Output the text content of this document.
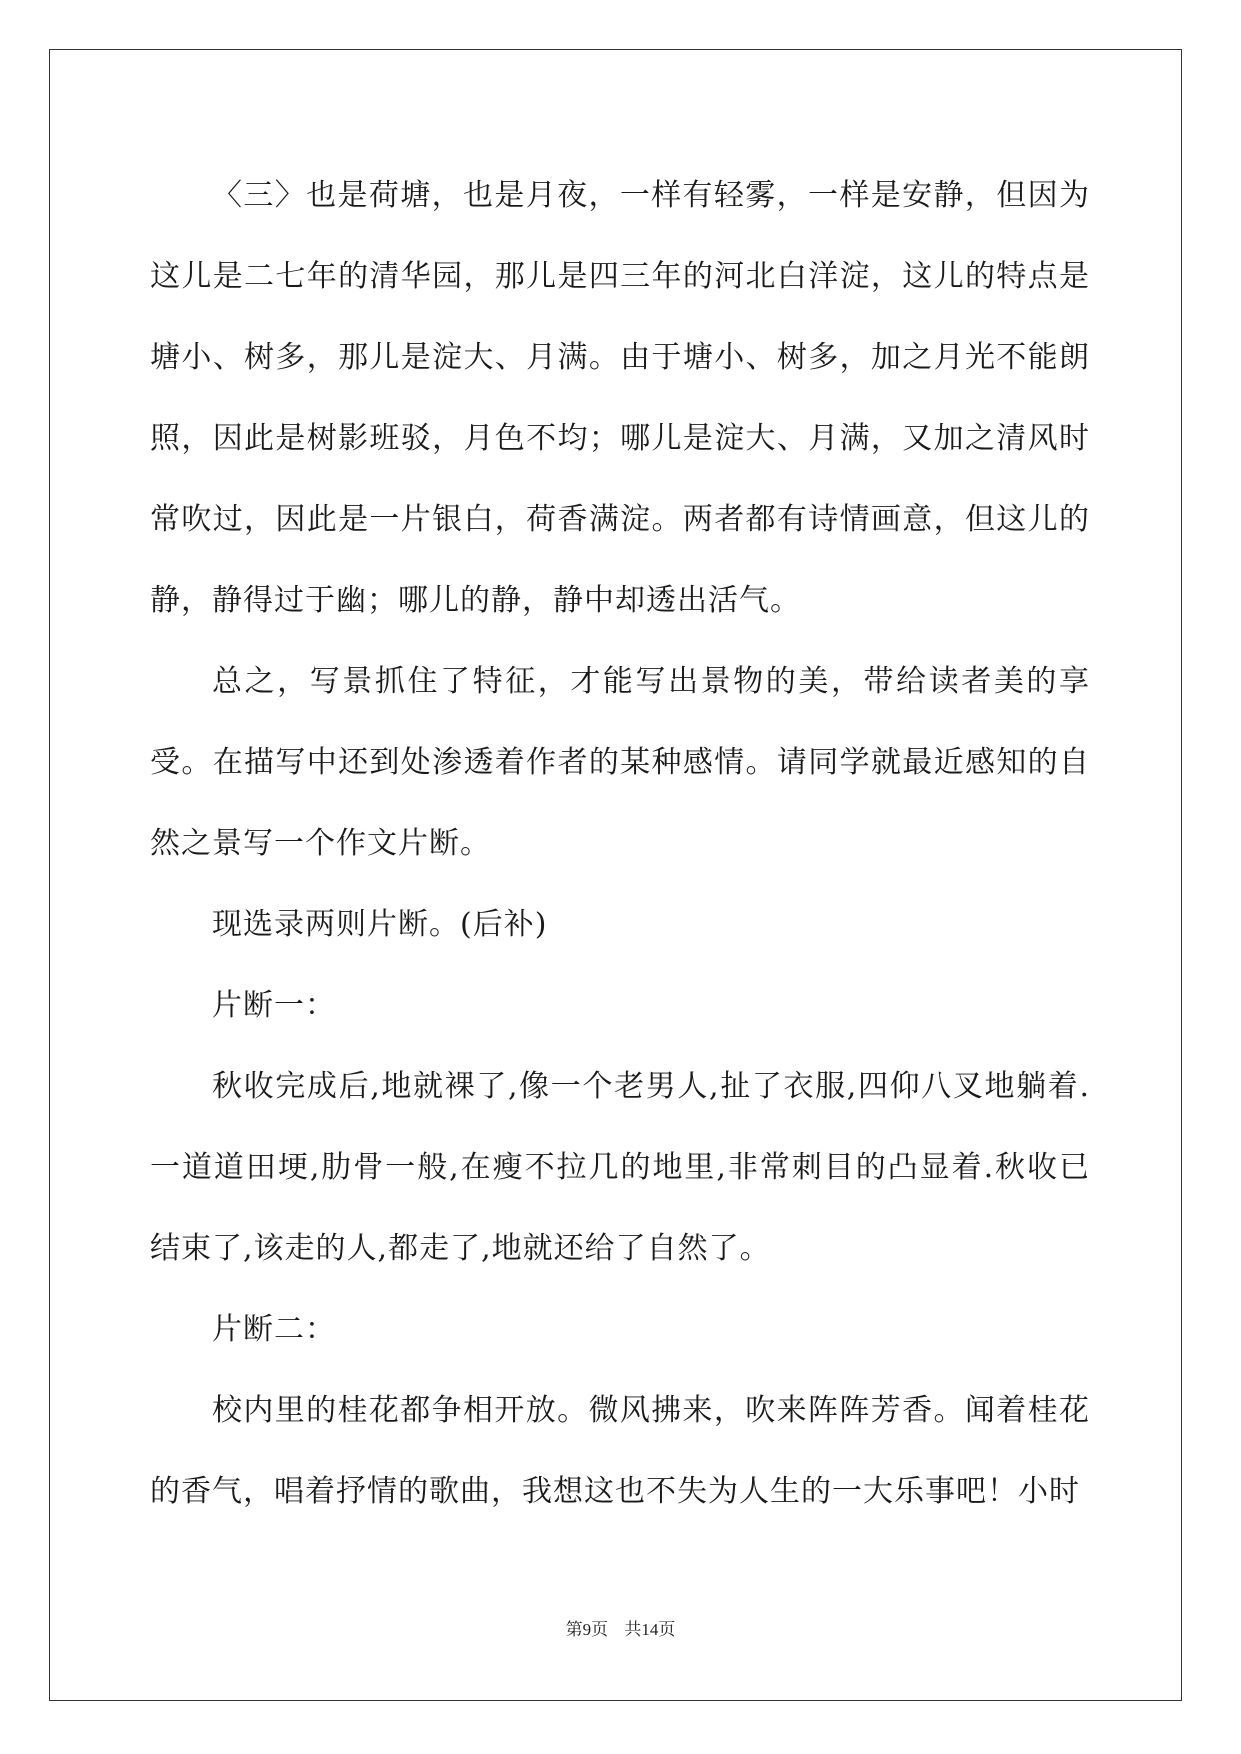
〈三〉也是荷塘，也是月夜，一样有轻雾，一样是安静，但因为这儿是二七年的清华园，那儿是四三年的河北白洋淀，这儿的特点是塘小、树多，那儿是淀大、月满。由于塘小、树多，加之月光不能朗照，因此是树影班驳，月色不均；哪儿是淀大、月满，又加之清风时常吹过，因此是一片银白，荷香满淀。两者都有诗情画意，但这儿的静，静得过于幽；哪儿的静，静中却透出活气。

总之，写景抓住了特征，才能写出景物的美，带给读者美的享受。在描写中还到处渗透着作者的某种感情。请同学就最近感知的自然之景写一个作文片断。

现选录两则片断。(后补)

片断一：

秋收完成后,地就裸了,像一个老男人,扯了衣服,四仰八叉地躺着.一道道田埂,肋骨一般,在瘦不拉几的地里,非常刺目的凸显着.秋收已结束了,该走的人,都走了,地就还给了自然了。

片断二：

校内里的桂花都争相开放。微风拂来，吹来阵阵芳香。闻着桂花的香气，唱着抒情的歌曲，我想这也不失为人生的一大乐事吧！小时

第9页 共14页
